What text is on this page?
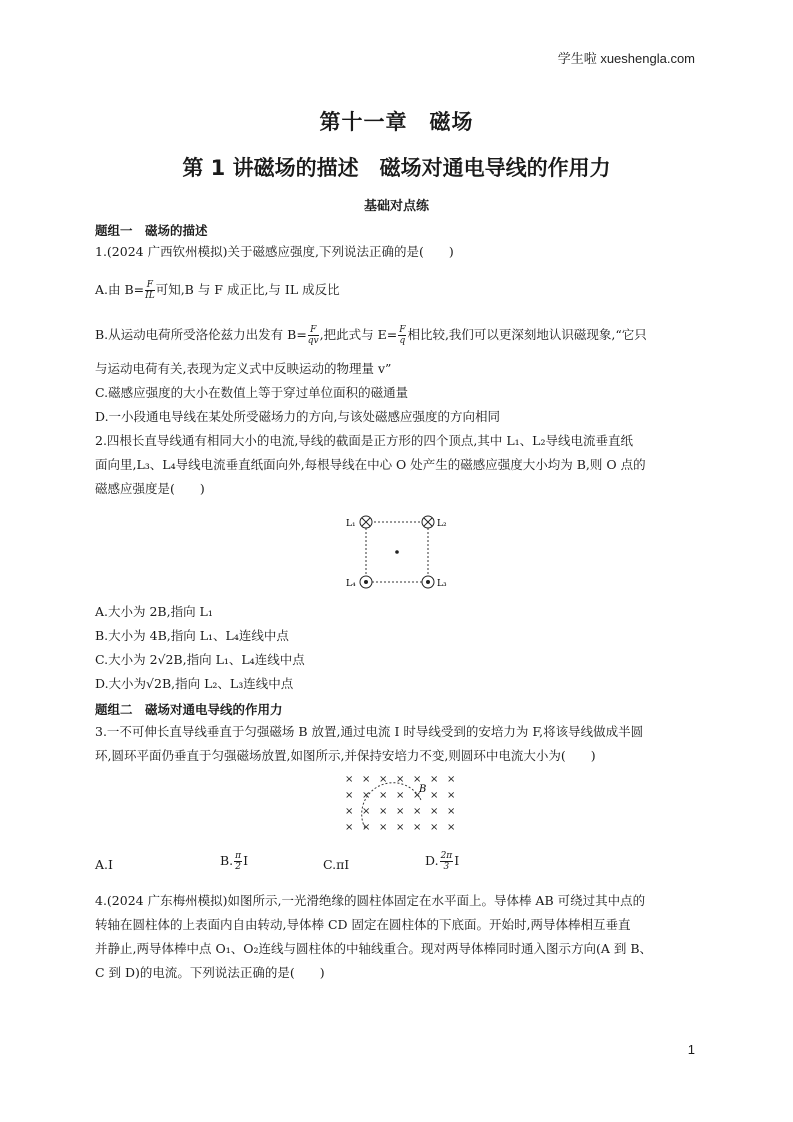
学生啦 xueshengla.com
第十一章　磁场
第 1 讲磁场的描述　磁场对通电导线的作用力
基础对点练
题组一　磁场的描述
1.(2024 广西钦州模拟)关于磁感应强度,下列说法正确的是(　　)
A.由 $B= \frac{F}{IL}$ 可知,B 与 F 成正比,与 IL 成反比
B.从运动电荷所受洛伦兹力出发有 $B= \frac{F}{qv}$ ,把此式与 $E= \frac{F}{q}$ 相比较,我们可以更深刻地认识磁现象,“它只
与运动电荷有关,表现为定义式中反映运动的物理量 v”
C.磁感应强度的大小在数值上等于穿过单位面积的磁通量
D.一小段通电导线在某处所受磁场力的方向,与该处磁感应强度的方向相同
2.四根长直导线通有相同大小的电流,导线的截面是正方形的四个顶点,其中 L₁、L₂导线电流垂直纸
面向里,L₃、L₄导线电流垂直纸面向外,每根导线在中心 O 处产生的磁感应强度大小均为 B,则 O 点的
磁感应强度是(　　)
L₁	L₂
L₄	L₃
A.大小为 2B,指向 L₁
B.大小为 4B,指向 L₁、L₄连线中点
C.大小为 2√2B,指向 L₁、L₄连线中点
D.大小为√2B,指向 L₂、L₃连线中点
题组二　磁场对通电导线的作用力
3.一不可伸长直导线垂直于匀强磁场 B 放置,通过电流 I 时导线受到的安培力为 F,将该导线做成半圆
环,圆环平面仍垂直于匀强磁场放置,如图所示,并保持安培力不变,则圆环中电流大小为(　　)
× × × × × × ×
× × × × × × ×
× × × × × × ×
× × × × × × ×
B
A.I	B. $\frac{\pi}{2}$ I	C.πI	D. $\frac{2\pi}{3}$ I
4.(2024 广东梅州模拟)如图所示,一光滑绝缘的圆柱体固定在水平面上。导体棒 AB 可绕过其中点的
转轴在圆柱体的上表面内自由转动,导体棒 CD 固定在圆柱体的下底面。开始时,两导体棒相互垂直
并静止,两导体棒中点 O₁、O₂连线与圆柱体的中轴线重合。现对两导体棒同时通入图示方向(A 到 B、
C 到 D)的电流。下列说法正确的是(　　)
1
